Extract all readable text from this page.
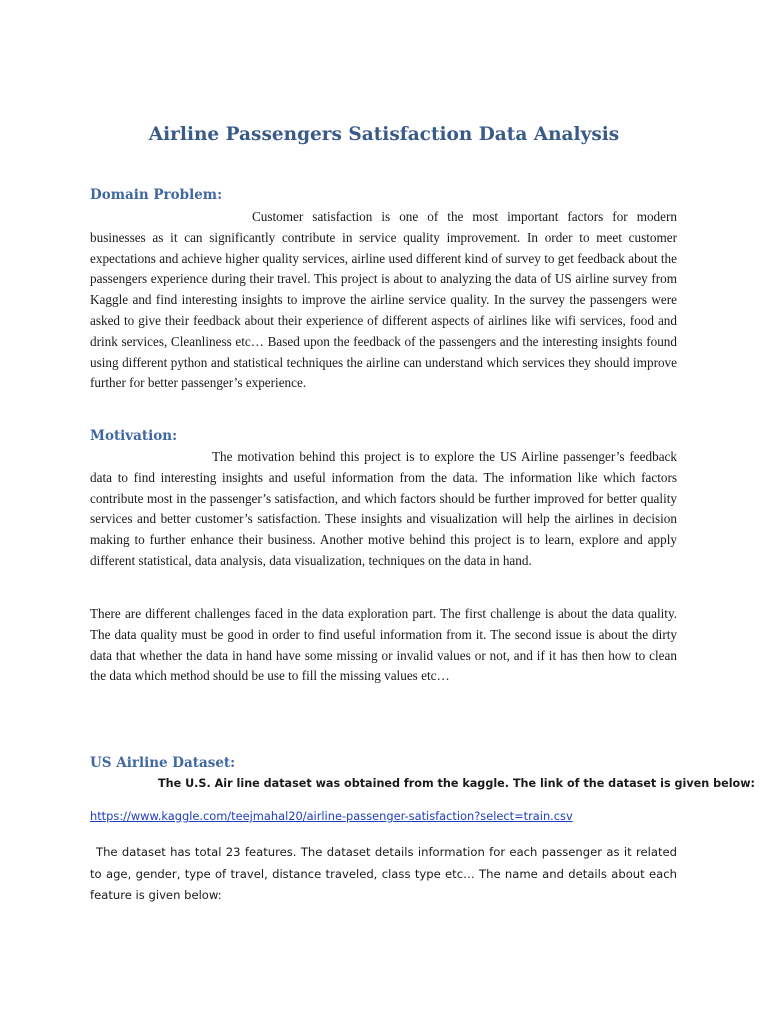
Airline Passengers Satisfaction Data Analysis
Domain Problem:

Customer satisfaction is one of the most important factors for modern businesses as it can significantly contribute in service quality improvement. In order to meet customer expectations and achieve higher quality services, airline used different kind of survey to get feedback about the passengers experience during their travel. This project is about to analyzing the data of US airline survey from Kaggle and find interesting insights to improve the airline service quality. In the survey the passengers were asked to give their feedback about their experience of different aspects of airlines like wifi services, food and drink services, Cleanliness etc… Based upon the feedback of the passengers and the interesting insights found using different python and statistical techniques the airline can understand which services they should improve further for better passenger’s experience.

Motivation:

The motivation behind this project is to explore the US Airline passenger’s feedback data to find interesting insights and useful information from the data. The information like which factors contribute most in the passenger’s satisfaction, and which factors should be further improved for better quality services and better customer’s satisfaction. These insights and visualization will help the airlines in decision making to further enhance their business. Another motive behind this project is to learn, explore and apply different statistical, data analysis, data visualization, techniques on the data in hand.

There are different challenges faced in the data exploration part. The first challenge is about the data quality. The data quality must be good in order to find useful information from it. The second issue is about the dirty data that whether the data in hand have some missing or invalid values or not, and if it has then how to clean the data which method should be use to fill the missing values etc…

US Airline Dataset:
The U.S. Air line dataset was obtained from the kaggle. The link of the dataset is given below:
https://www.kaggle.com/teejmahal20/airline-passenger-satisfaction?select=train.csv

The dataset has total 23 features. The dataset details information for each passenger as it related to age, gender, type of travel, distance traveled, class type etc… The name and details about each feature is given below:
